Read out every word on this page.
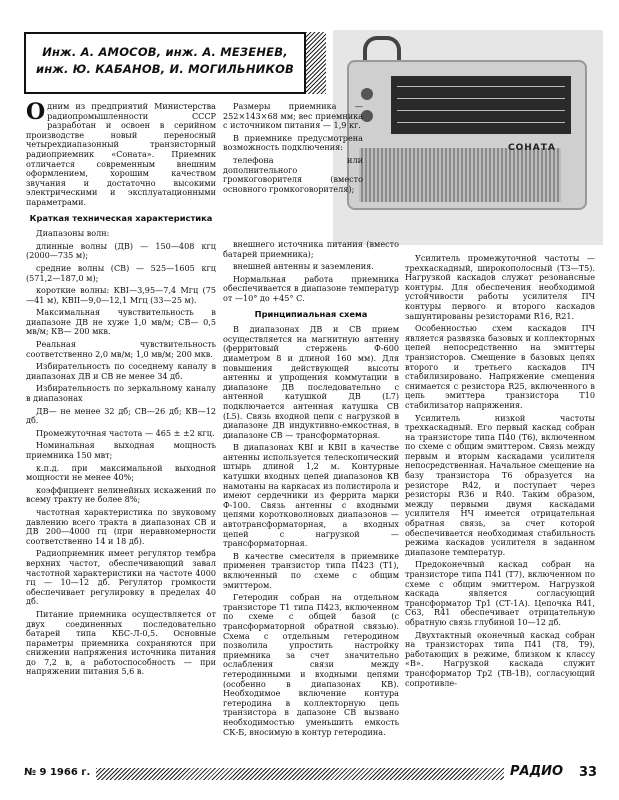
Инж. А. АМОСОВ, инж. А. МЕЗЕНЕВ,
инж. Ю. КАБАНОВ, И. МОГИЛЬНИКОВ
СОНАТА

Одним из предприятий Министерства радиопромышленности СССР разработан и освоен в серийном производстве новый переносный четырехдиапазонный транзисторный радиоприемник «Соната». Приемник отличается современным внешним оформлением, хорошим качеством звучания и достаточно высокими электрическими и эксплуатационными параметрами.

Краткая техническая характеристика

Диапазоны волн:

длинные волны (ДВ) — 150—408 кгц (2000—735 м);

средние волны (СВ) — 525—1605 кгц (571,2—187,0 м);

короткие волны: КВI—3,95—7,4 Мгц (75—41 м), КВII—9,0—12,1 Мгц (33—25 м).

Максимальная чувствительность в диапазоне ДВ не хуже 1,0 мв/м; СВ— 0,5 мв/м; КВ— 200 мкв.

Реальная чувствительность соответственно 2,0 мв/м; 1,0 мв/м; 200 мкв.

Избирательность по соседнему каналу в диапазонах ДВ и СВ не менее 34 дб.

Избирательность по зеркальному каналу в диапазонах

ДВ— не менее 32 дб; СВ—26 дб; КВ—12 дб.

Промежуточная частота — 465 ± ±2 кгц.

Номинальная выходная мощность приемника 150 мвт;

к.п.д. при максимальной выходной мощности не менее 40%;

коэффициент нелинейных искажений по всему тракту не более 8%;

частотная характеристика по звуковому давлению всего тракта в диапазонах СВ и ДВ 200—4000 гц (при неравномерности соответственно 14 и 18 дб).

Радиоприемник имеет регулятор тембра верхних частот, обеспечивающий завал частотной характеристики на частоте 4000 гц — 10—12 дб. Регулятор громкости обеспечивает регулировку в пределах 40 дб.

Питание приемника осуществляется от двух соединенных последовательно батарей типа КБС-Л-0,5. Основные параметры приемника сохраняются при снижении напряжения источника питания до 7,2 в, а работоспособность — при напряжении питания 5,6 в.

Размеры приемника — 252×143×68 мм; вес приемника с источником питания — 1,9 кг.

В приемнике предусмотрена возможность подключения:

телефона или дополнительного громкоговорителя (вместо основного громкоговорителя);

внешнего источника питания (вместо батарей приемника);

внешней антенны и заземления.

Нормальная работа приемника обеспечивается в диапазоне температур от —10° до +45° С.

Принципиальная схема

В диапазонах ДВ и СВ прием осуществляется на магнитную антенну (ферритовый стержень Ф-600 диаметром 8 и длиной 160 мм). Для повышения действующей высоты антенны и упрощения коммутации в диапазоне ДВ последовательно с антенной катушкой ДВ (L7) подключается антенная катушка СВ (L5). Связь входной цепи с нагрузкой в диапазоне ДВ индуктивно-емкостная, в диапазоне СВ — трансформаторная.

В диапазонах КВI и КВII в качестве антенны используется телескопический штырь длиной 1,2 м. Контурные катушки входных цепей диапазонов КВ намотаны на каркасах из полистирола и имеют сердечники из феррита марки Ф-100. Связь антенны с входными цепями коротковолновых диапазонов — автотрансформаторная, а входных цепей с нагрузкой — трансформаторная.

В качестве смесителя в приемнике применен транзистор типа П423 (T1), включенный по схеме с общим эмиттером.

Гетеродин собран на отдельном транзисторе T1 типа П423, включенном по схеме с общей базой (с трансформаторной обратной связью). Схема с отдельным гетеродином позволила упростить настройку приемника за счет значительно ослабления связи между гетеродинными и входными цепями (особенно в диапазонах КВ). Необходимое включение контура гетеродина в коллекторную цепь транзистора в дапазоне СВ вызвано необходимостью уменьшить емкость CК-Б, вносимую в контур гетеродина.

Усилитель промежуточной частоты — трехкаскадный, широкополосный (T3—T5). Нагрузкой каскадов служат резонансные контуры. Для обеспечения необходимой устойчивости работы усилителя ПЧ контуры первого и второго каскадов зашунтированы резисторами R16, R21.

Особенностью схем каскадов ПЧ является развязка базовых и коллекторных цепей непосредственно на эмиттеры транзисторов. Смещение в базовых цепях второго и третьего каскадов ПЧ стабилизировано. Напряжение смещения снимается с резистора R25, включенного в цепь эмиттера транзистора T10 стабилизатор напряжения.

Усилитель низкой частоты трехкаскадный. Его первый каскад собран на транзисторе типа П40 (T6), включенном по схеме с общим эмиттером. Связь между первым и вторым каскадами усилителя непосредственная. Начальное смещение на базу транзистора T6 образуется на резисторе R42, и поступает через резисторы R36 и R40. Таким образом, между первыми двумя каскадами усилителя НЧ имеется отрицательная обратная связь, за счет которой обеспечивается необходимая стабильность режима каскадов усилителя в заданном диапазоне температур.

Предоконечный каскад собран на транзисторе типа П41 (T7), включенном по схеме с общим эмиттером. Нагрузкой каскада является согласующий трансформатор Tp1 (СТ-1А). Цепочка R41, C63, R41 обеспечивает отрицательную обратную связь глубиной 10—12 дб.

Двухтактный оконечный каскад собран на транзисторах типа П41 (T8, T9), работающих в режиме, близком к классу «В». Нагрузкой каскада служит трансформатор Tp2 (ТВ-1В), согласующий сопротивле-

№ 9 1966 г.	РАДИО 33
